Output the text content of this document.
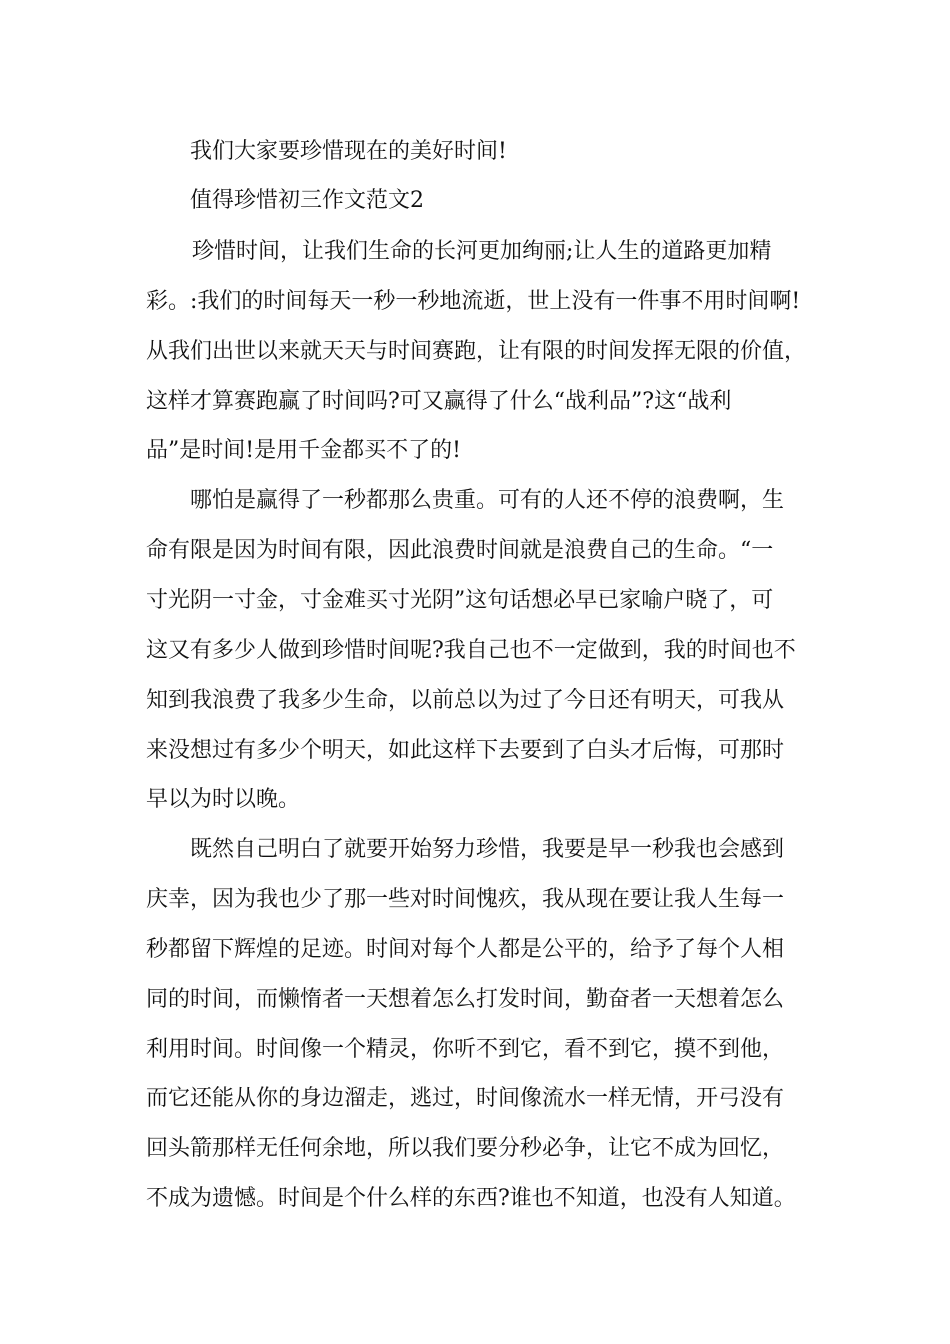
我们大家要珍惜现在的美好时间!
值得珍惜初三作文范文2
珍惜时间，让我们生命的长河更加绚丽;让人生的道路更加精
彩。:我们的时间每天一秒一秒地流逝，世上没有一件事不用时间啊!
从我们出世以来就天天与时间赛跑，让有限的时间发挥无限的价值，
这样才算赛跑赢了时间吗?可又赢得了什么“战利品”?这“战利
品”是时间!是用千金都买不了的!
哪怕是赢得了一秒都那么贵重。可有的人还不停的浪费啊，生
命有限是因为时间有限，因此浪费时间就是浪费自己的生命。“一
寸光阴一寸金，寸金难买寸光阴”这句话想必早已家喻户晓了，可
这又有多少人做到珍惜时间呢?我自己也不一定做到，我的时间也不
知到我浪费了我多少生命，以前总以为过了今日还有明天，可我从
来没想过有多少个明天，如此这样下去要到了白头才后悔，可那时
早以为时以晚。
既然自己明白了就要开始努力珍惜，我要是早一秒我也会感到
庆幸，因为我也少了那一些对时间愧疚，我从现在要让我人生每一
秒都留下辉煌的足迹。时间对每个人都是公平的，给予了每个人相
同的时间，而懒惰者一天想着怎么打发时间，勤奋者一天想着怎么
利用时间。时间像一个精灵，你听不到它，看不到它，摸不到他，
而它还能从你的身边溜走，逃过，时间像流水一样无情，开弓没有
回头箭那样无任何余地，所以我们要分秒必争，让它不成为回忆，
不成为遗憾。时间是个什么样的东西?谁也不知道，也没有人知道。
